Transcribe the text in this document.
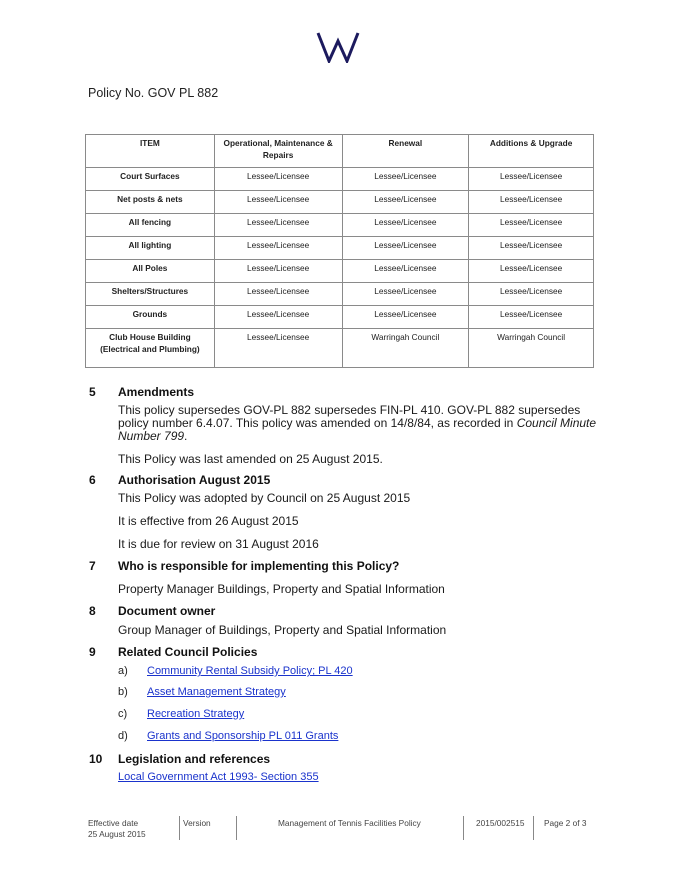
Policy No. GOV PL 882
ITEM	Operational, Maintenance & Repairs	Renewal	Additions & Upgrade
Court Surfaces	Lessee/Licensee	Lessee/Licensee	Lessee/Licensee
Net posts & nets	Lessee/Licensee	Lessee/Licensee	Lessee/Licensee
All fencing	Lessee/Licensee	Lessee/Licensee	Lessee/Licensee
All lighting	Lessee/Licensee	Lessee/Licensee	Lessee/Licensee
All Poles	Lessee/Licensee	Lessee/Licensee	Lessee/Licensee
Shelters/Structures	Lessee/Licensee	Lessee/Licensee	Lessee/Licensee
Grounds	Lessee/Licensee	Lessee/Licensee	Lessee/Licensee
Club House Building (Electrical and Plumbing)	Lessee/Licensee	Warringah Council	Warringah Council
5	Amendments
This policy supersedes GOV-PL 882 supersedes FIN-PL 410. GOV-PL 882 supersedes policy number 6.4.07. This policy was amended on 14/8/84, as recorded in Council Minute Number 799.
This Policy was last amended on 25 August 2015.
6	Authorisation August 2015
This Policy was adopted by Council on 25 August 2015
It is effective from 26 August 2015
It is due for review on 31 August 2016
7	Who is responsible for implementing this Policy?
Property Manager Buildings, Property and Spatial Information
8	Document owner
Group Manager of Buildings, Property and Spatial Information
9	Related Council Policies
a)	Community Rental Subsidy Policy; PL 420
b)	Asset Management Strategy
c)	Recreation Strategy
d)	Grants and Sponsorship PL 011 Grants
10	Legislation and references
Local Government Act 1993- Section 355
Effective date
25 August 2015
Version	Management of Tennis Facilities Policy	2015/002515 Page 2 of 3
